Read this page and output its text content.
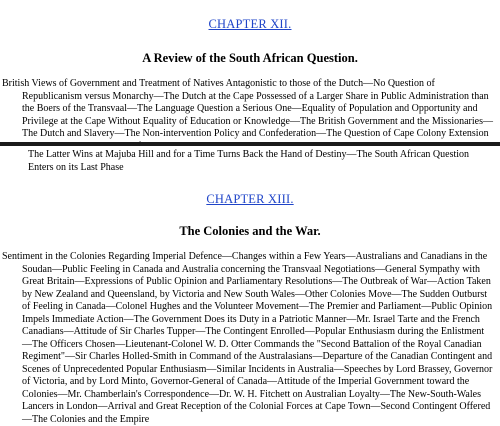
CHAPTER XII.
A Review of the South African Question.

British Views of Government and Treatment of Natives Antagonistic to those of the Dutch—No Question of Republicanism versus Monarchy—The Dutch at the Cape Possessed of a Larger Share in Public Administration than the Boers of the Transvaal—The Language Question a Serious One—Equality of Population and Opportunity and Privilege at the Cape Without Equality of Education or Knowledge—The British Government and the Missionaries—The Dutch and Slavery—The Non-intervention Policy and Confederation—The Question of Cape Colony Extension

The Latter Wins at Majuba Hill and for a Time Turns Back the Hand of Destiny—The South African Question Enters on its Last Phase

CHAPTER XIII.
The Colonies and the War.

Sentiment in the Colonies Regarding Imperial Defence—Changes within a Few Years—Australians and Canadians in the Soudan—Public Feeling in Canada and Australia concerning the Transvaal Negotiations—General Sympathy with Great Britain—Expressions of Public Opinion and Parliamentary Resolutions—The Outbreak of War—Action Taken by New Zealand and Queensland, by Victoria and New South Wales—Other Colonies Move—The Sudden Outburst of Feeling in Canada—Colonel Hughes and the Volunteer Movement—The Premier and Parliament—Public Opinion Impels Immediate Action—The Government Does its Duty in a Patriotic Manner—Mr. Israel Tarte and the French Canadians—Attitude of Sir Charles Tupper—The Contingent Enrolled—Popular Enthusiasm during the Enlistment—The Officers Chosen—Lieutenant-Colonel W. D. Otter Commands the "Second Battalion of the Royal Canadian Regiment"—Sir Charles Holled-Smith in Command of the Australasians—Departure of the Canadian Contingent and Scenes of Unprecedented Popular Enthusiasm—Similar Incidents in Australia—Speeches by Lord Brassey, Governor of Victoria, and by Lord Minto, Governor-General of Canada—Attitude of the Imperial Government toward the Colonies—Mr. Chamberlain's Correspondence—Dr. W. H. Fitchett on Australian Loyalty—The New-South-Wales Lancers in London—Arrival and Great Reception of the Colonial Forces at Cape Town—Second Contingent Offered—The Colonies and the Empire
